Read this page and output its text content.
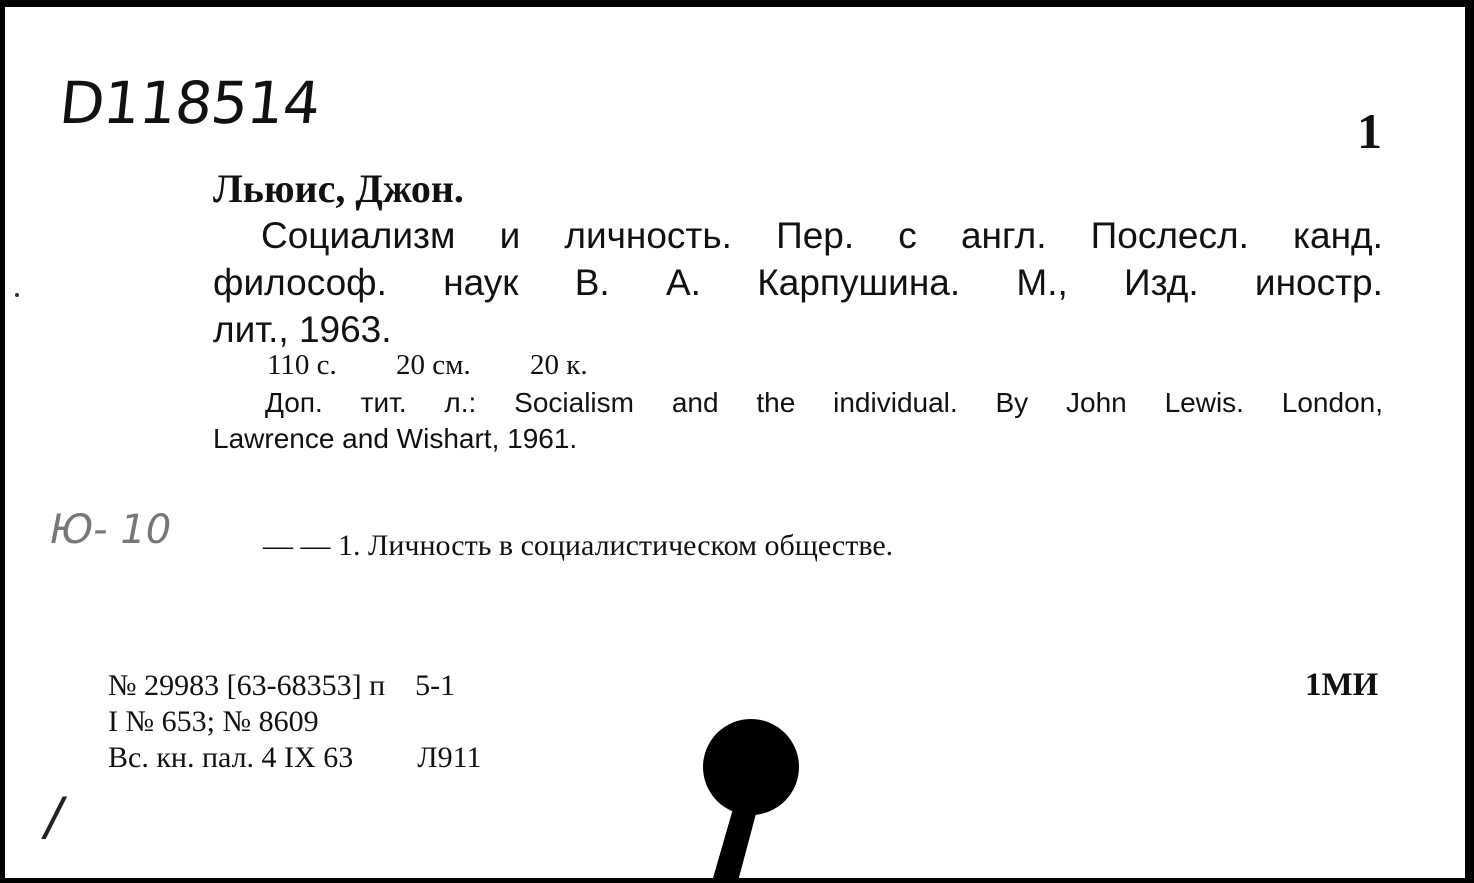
D118514	1
Льюис, Джон.
Социализм и личность. Пер. с англ. Послесл. канд.
философ. наук В. А. Карпушина. М., Изд. иностр.
лит.,
1963.
110 с. 20 см. 20 к.
Доп. тит. л.: Socialism and the individual. By John Lewis. London,
Lawrence and Wishart, 1961.
Ю- 10	— — 1. Личность в социалистическом обществе.
№ 29983 [63-68353] п 5-1
I № 653; № 8609
Вс. кн. пал. 4 IX 63 Л911
1МИ
/
